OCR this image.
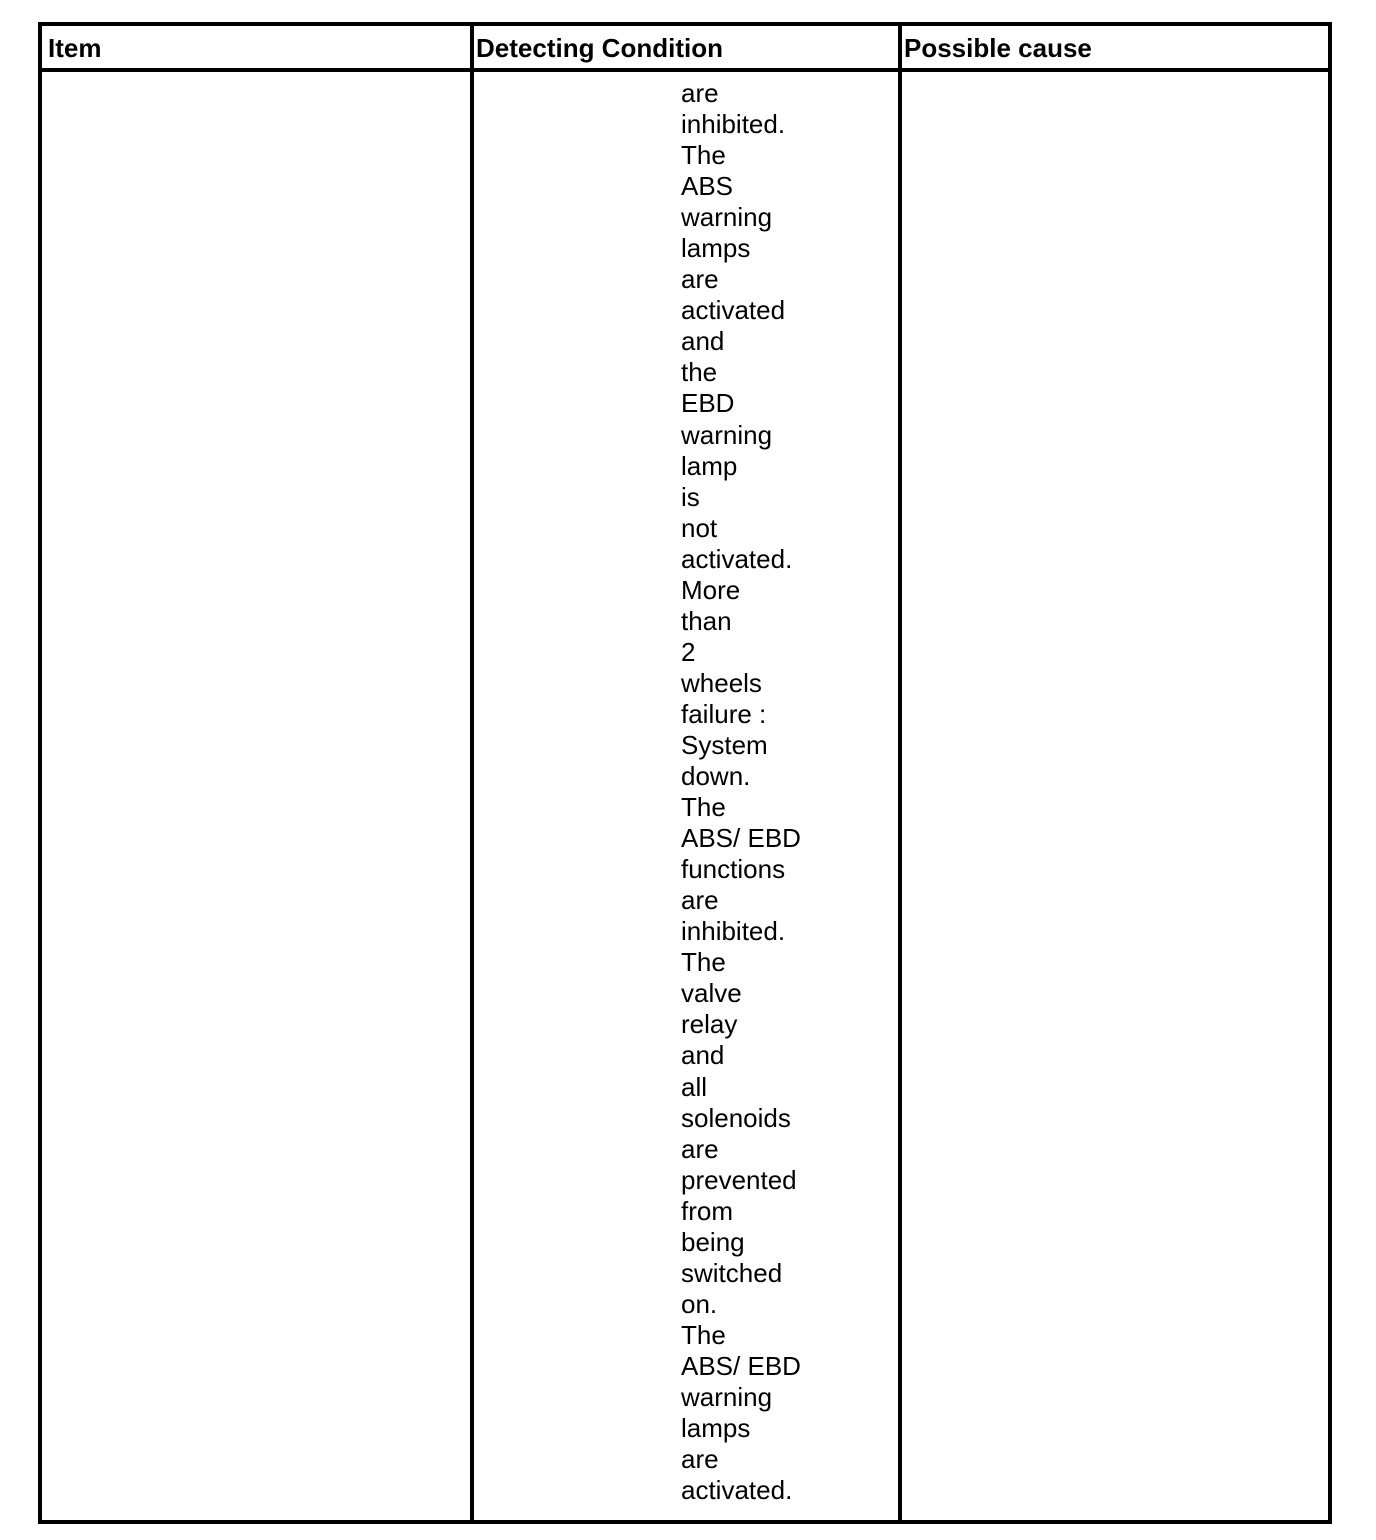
Item	Detecting Condition	Possible cause
are
inhibited.
The
ABS
warning
lamps
are
activated
and
the
EBD
warning
lamp
is
not
activated.
More
than
2
wheels
failure :
System
down.
The
ABS/ EBD
functions
are
inhibited.
The
valve
relay
and
all
solenoids
are
prevented
from
being
switched
on.
The
ABS/ EBD
warning
lamps
are
activated.
